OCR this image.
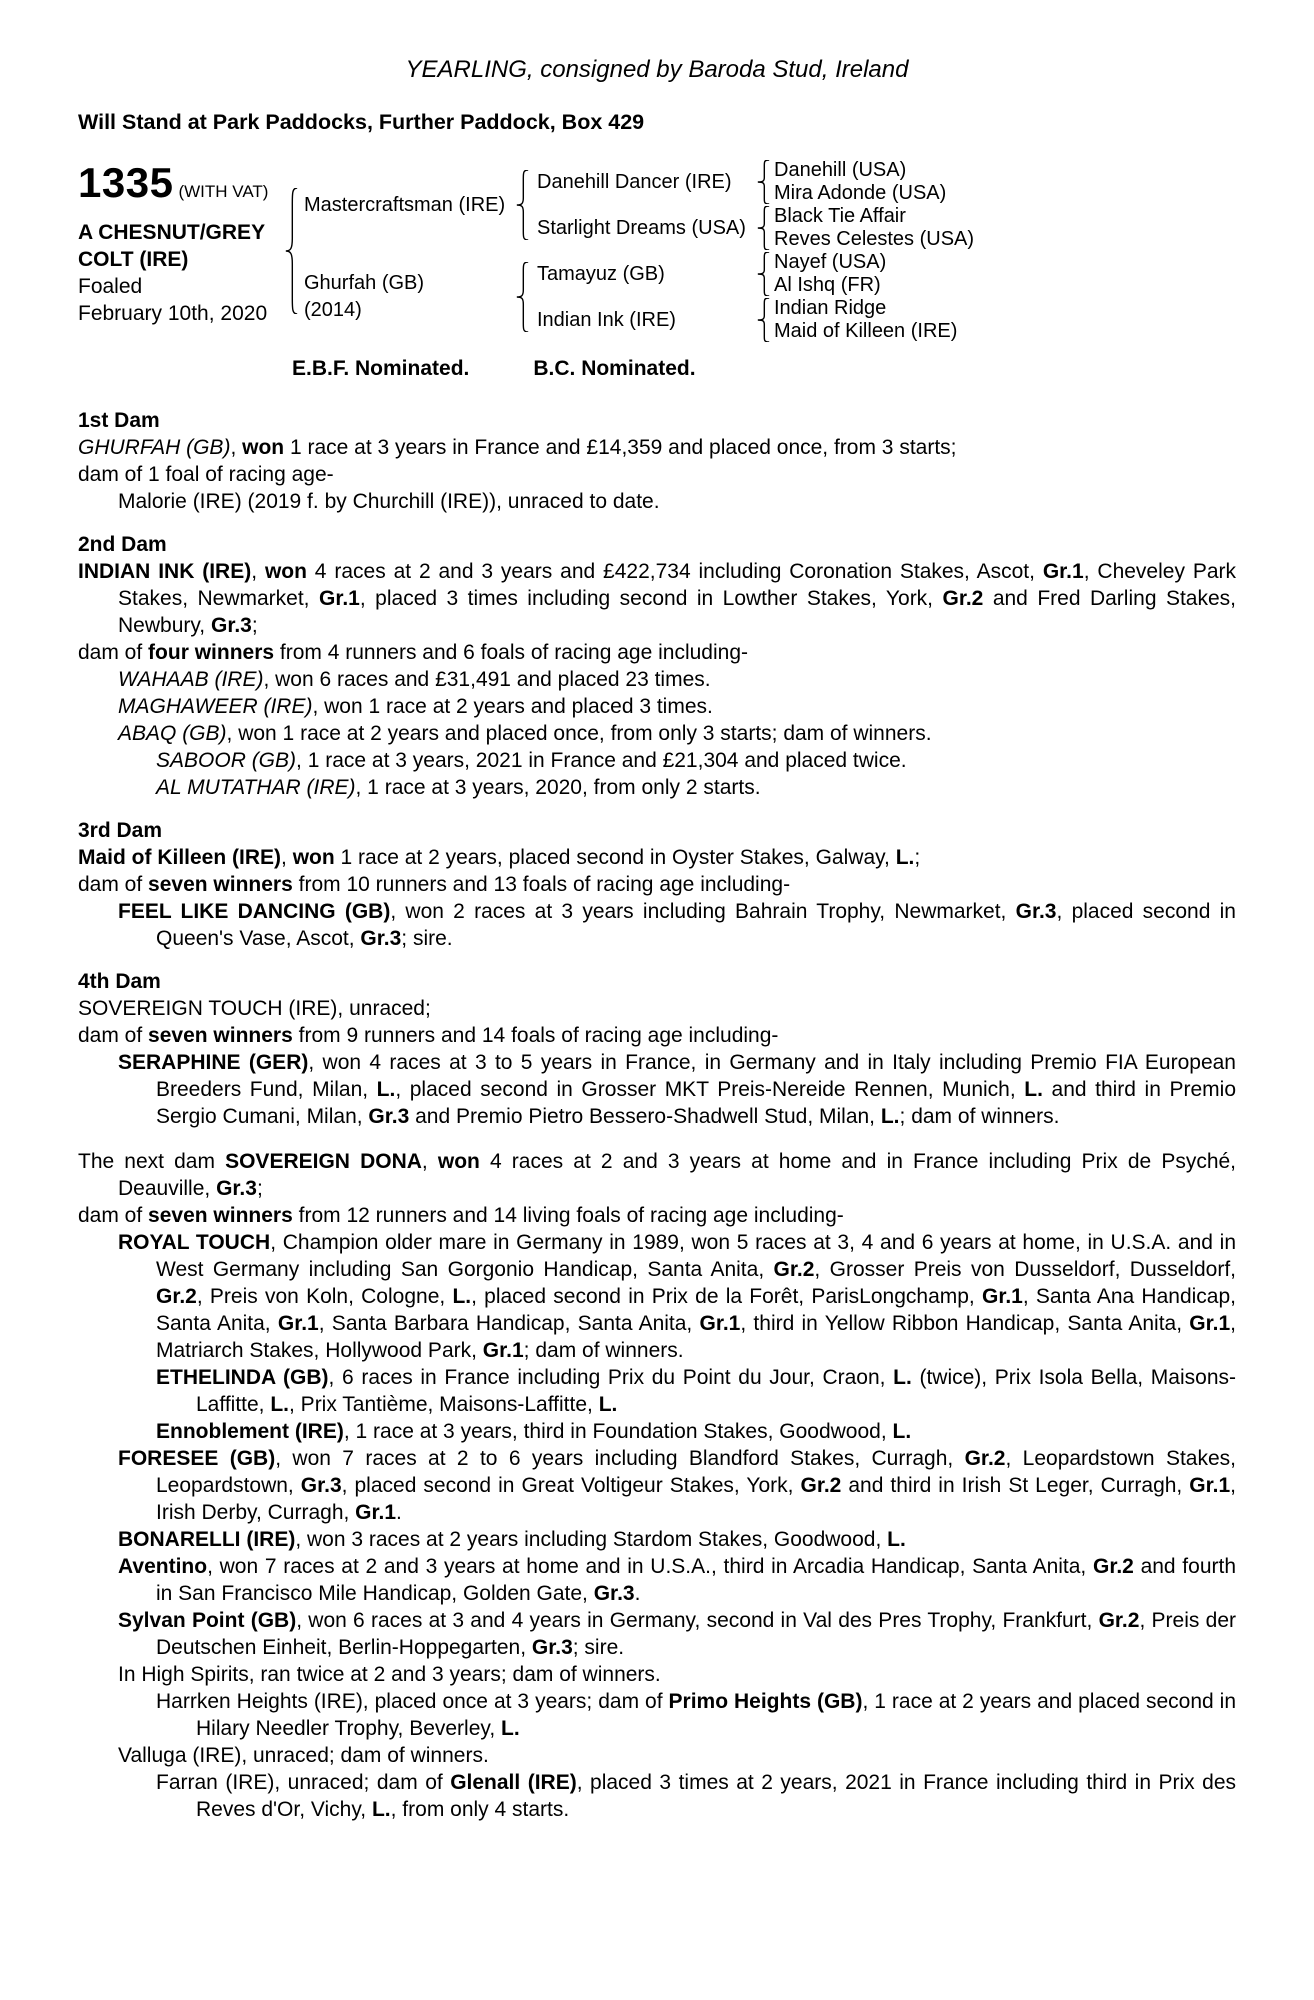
YEARLING, consigned by Baroda Stud, Ireland
Will Stand at Park Paddocks, Further Paddock, Box 429
1335 (WITH VAT)
A CHESNUT/GREY
COLT (IRE)
Foaled
February 10th, 2020
Mastercraftsman (IRE)
Danehill Dancer (IRE)
Danehill (USA)
Mira Adonde (USA)
Starlight Dreams (USA)
Black Tie Affair
Reves Celestes (USA)
Ghurfah (GB)
(2014)
Tamayuz (GB)
Nayef (USA)
Al Ishq (FR)
Indian Ink (IRE)
Indian Ridge
Maid of Killeen (IRE)
E.B.F. Nominated.	B.C. Nominated.
1st Dam
GHURFAH (GB), won 1 race at 3 years in France and £14,359 and placed once, from 3 starts;
dam of 1 foal of racing age-
Malorie (IRE) (2019 f. by Churchill (IRE)), unraced to date.
2nd Dam
INDIAN INK (IRE), won 4 races at 2 and 3 years and £422,734 including Coronation Stakes, Ascot, Gr.1, Cheveley Park Stakes, Newmarket, Gr.1, placed 3 times including second in Lowther Stakes, York, Gr.2 and Fred Darling Stakes, Newbury, Gr.3;
dam of four winners from 4 runners and 6 foals of racing age including-
WAHAAB (IRE), won 6 races and £31,491 and placed 23 times.
MAGHAWEER (IRE), won 1 race at 2 years and placed 3 times.
ABAQ (GB), won 1 race at 2 years and placed once, from only 3 starts; dam of winners.
SABOOR (GB), 1 race at 3 years, 2021 in France and £21,304 and placed twice.
AL MUTATHAR (IRE), 1 race at 3 years, 2020, from only 2 starts.
3rd Dam
Maid of Killeen (IRE), won 1 race at 2 years, placed second in Oyster Stakes, Galway, L.;
dam of seven winners from 10 runners and 13 foals of racing age including-
FEEL LIKE DANCING (GB), won 2 races at 3 years including Bahrain Trophy, Newmarket, Gr.3, placed second in Queen's Vase, Ascot, Gr.3; sire.
4th Dam
SOVEREIGN TOUCH (IRE), unraced;
dam of seven winners from 9 runners and 14 foals of racing age including-
SERAPHINE (GER), won 4 races at 3 to 5 years in France, in Germany and in Italy including Premio FIA European Breeders Fund, Milan, L., placed second in Grosser MKT Preis-Nereide Rennen, Munich, L. and third in Premio Sergio Cumani, Milan, Gr.3 and Premio Pietro Bessero-Shadwell Stud, Milan, L.; dam of winners.
The next dam SOVEREIGN DONA, won 4 races at 2 and 3 years at home and in France including Prix de Psyché, Deauville, Gr.3;
dam of seven winners from 12 runners and 14 living foals of racing age including-
ROYAL TOUCH, Champion older mare in Germany in 1989, won 5 races at 3, 4 and 6 years at home, in U.S.A. and in West Germany including San Gorgonio Handicap, Santa Anita, Gr.2, Grosser Preis von Dusseldorf, Dusseldorf, Gr.2, Preis von Koln, Cologne, L., placed second in Prix de la Forêt, ParisLongchamp, Gr.1, Santa Ana Handicap, Santa Anita, Gr.1, Santa Barbara Handicap, Santa Anita, Gr.1, third in Yellow Ribbon Handicap, Santa Anita, Gr.1, Matriarch Stakes, Hollywood Park, Gr.1; dam of winners.
ETHELINDA (GB), 6 races in France including Prix du Point du Jour, Craon, L. (twice), Prix Isola Bella, Maisons-Laffitte, L., Prix Tantième, Maisons-Laffitte, L.
Ennoblement (IRE), 1 race at 3 years, third in Foundation Stakes, Goodwood, L.
FORESEE (GB), won 7 races at 2 to 6 years including Blandford Stakes, Curragh, Gr.2, Leopardstown Stakes, Leopardstown, Gr.3, placed second in Great Voltigeur Stakes, York, Gr.2 and third in Irish St Leger, Curragh, Gr.1, Irish Derby, Curragh, Gr.1.
BONARELLI (IRE), won 3 races at 2 years including Stardom Stakes, Goodwood, L.
Aventino, won 7 races at 2 and 3 years at home and in U.S.A., third in Arcadia Handicap, Santa Anita, Gr.2 and fourth in San Francisco Mile Handicap, Golden Gate, Gr.3.
Sylvan Point (GB), won 6 races at 3 and 4 years in Germany, second in Val des Pres Trophy, Frankfurt, Gr.2, Preis der Deutschen Einheit, Berlin-Hoppegarten, Gr.3; sire.
In High Spirits, ran twice at 2 and 3 years; dam of winners.
Harrken Heights (IRE), placed once at 3 years; dam of Primo Heights (GB), 1 race at 2 years and placed second in Hilary Needler Trophy, Beverley, L.
Valluga (IRE), unraced; dam of winners.
Farran (IRE), unraced; dam of Glenall (IRE), placed 3 times at 2 years, 2021 in France including third in Prix des Reves d'Or, Vichy, L., from only 4 starts.
